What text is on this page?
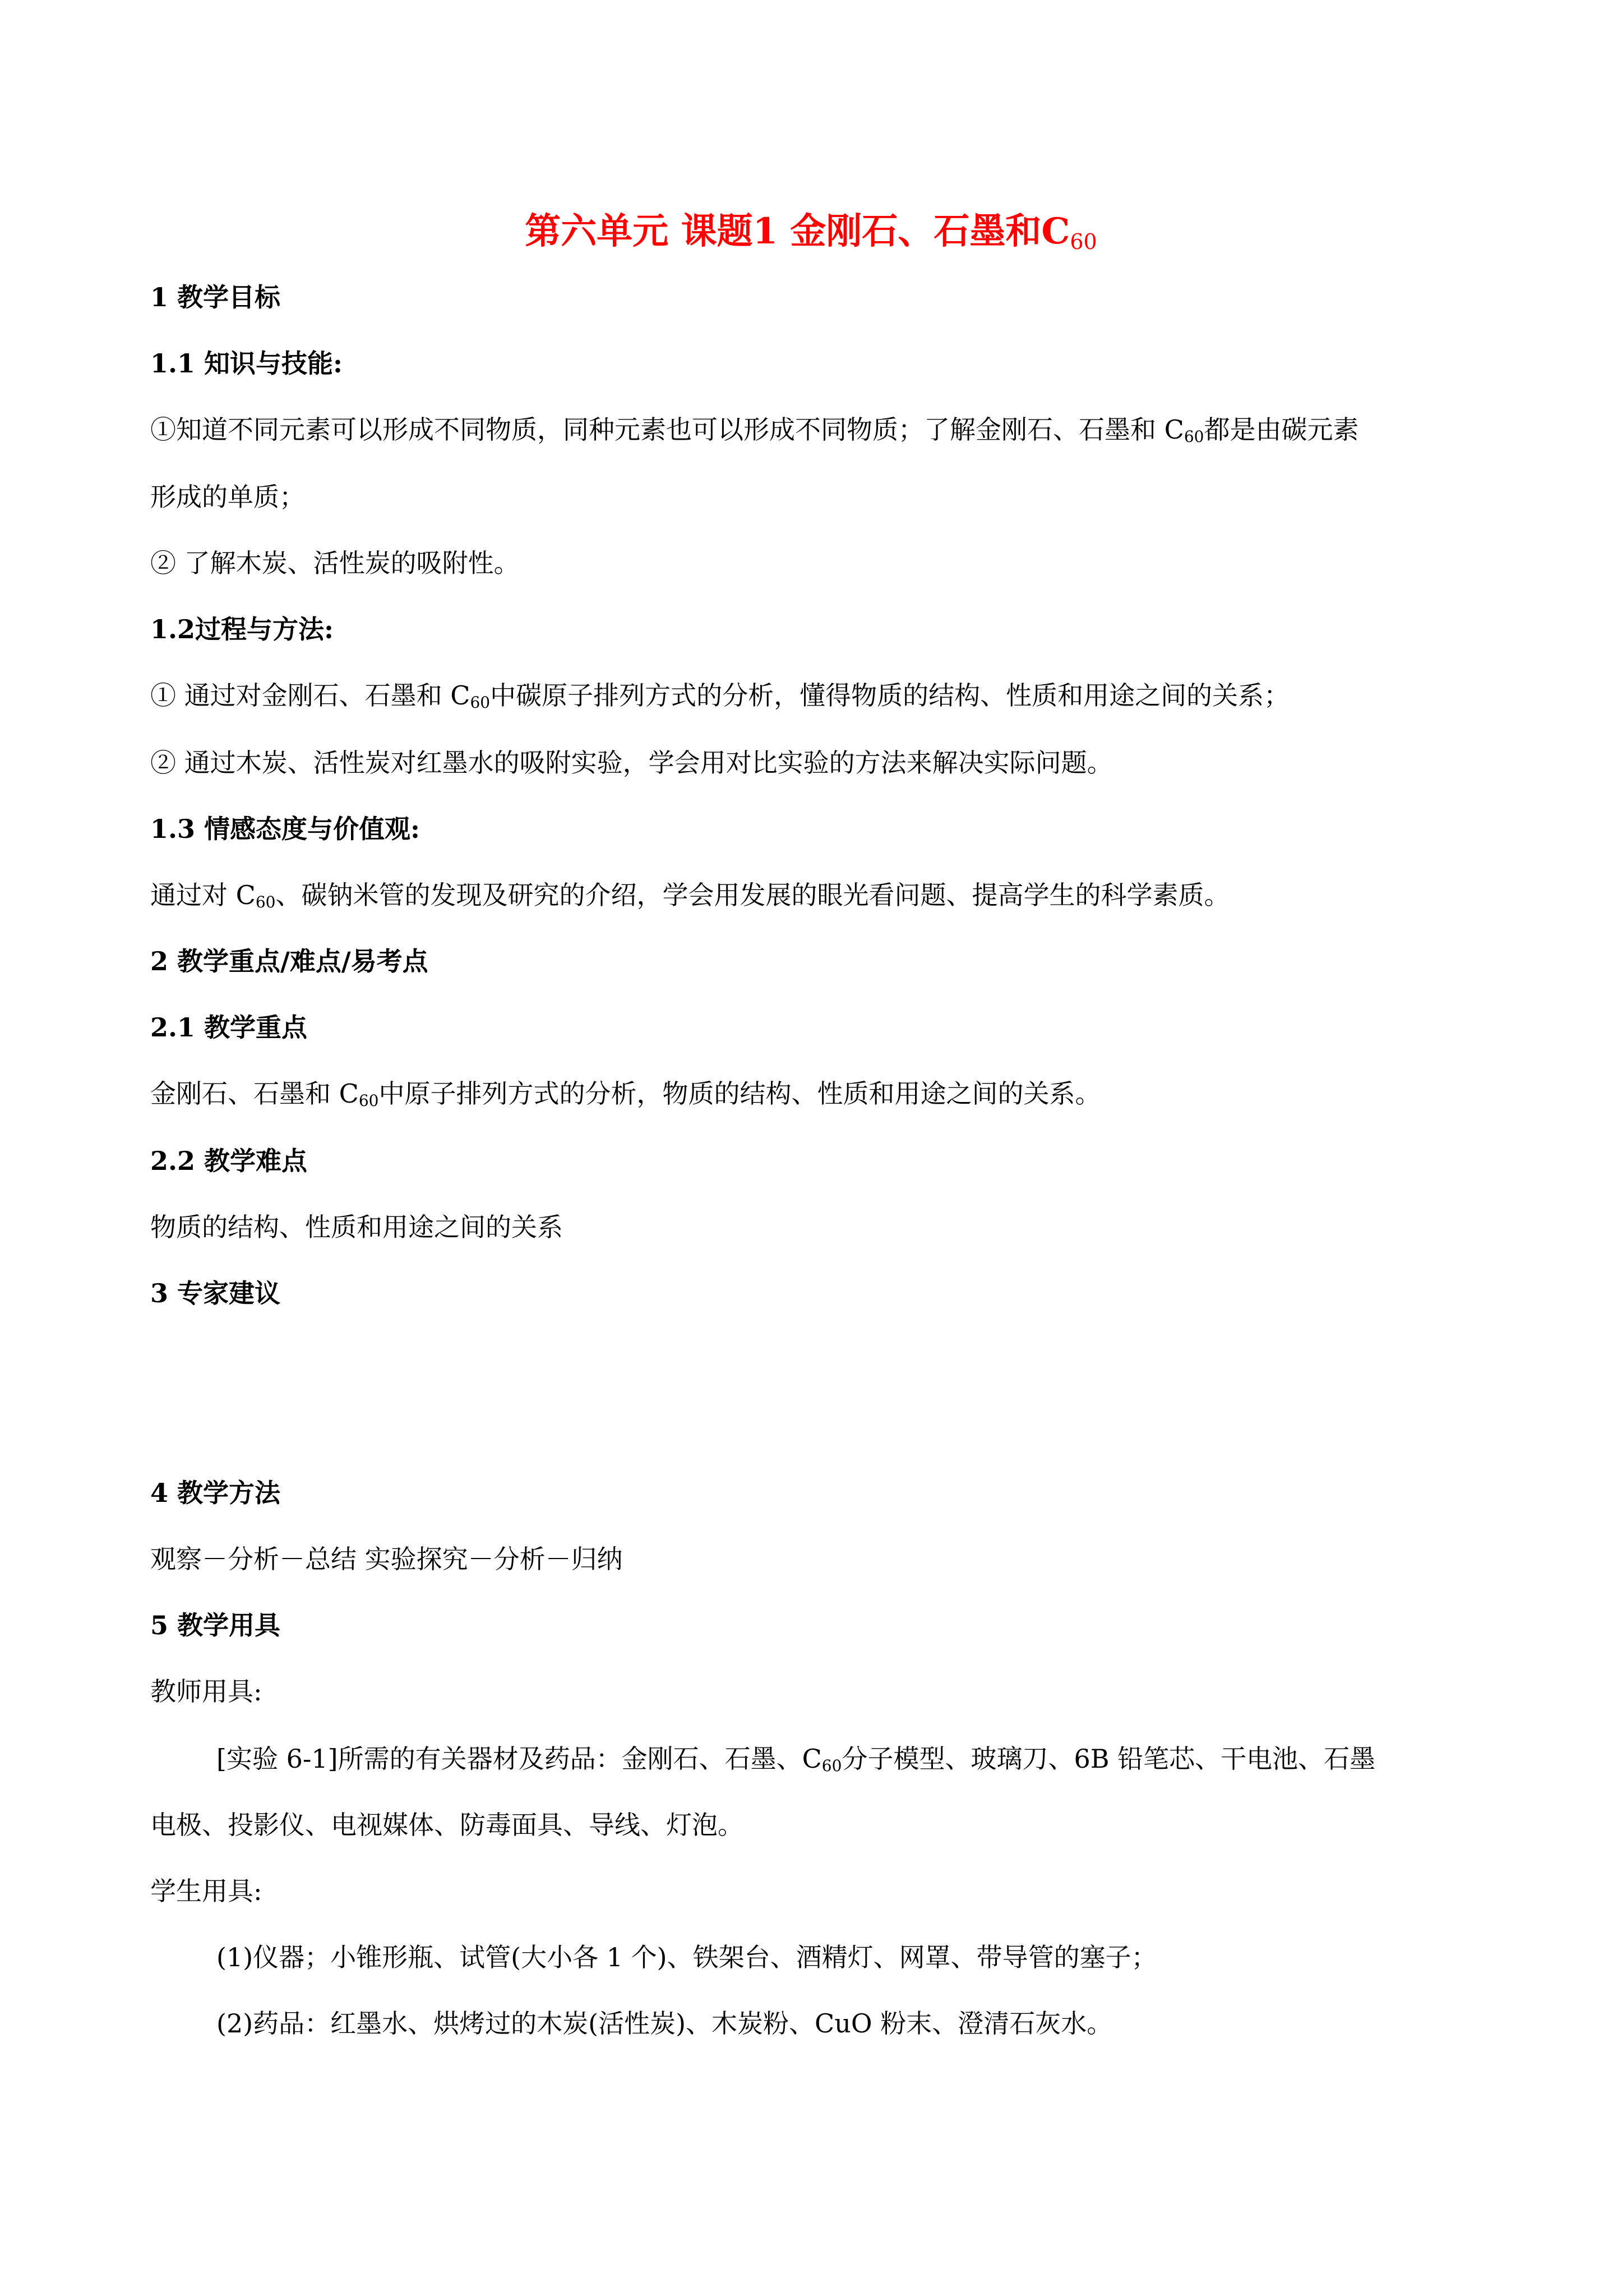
第六单元 课题1 金刚石、石墨和$C_{60}$
1 教学目标
1.1 知识与技能:
①知道不同元素可以形成不同物质，同种元素也可以形成不同物质；了解金刚石、石墨和 $C_{60}$都是由碳元素
形成的单质；
② 了解木炭、活性炭的吸附性。
1.2过程与方法:
① 通过对金刚石、石墨和 $C_{60}$中碳原子排列方式的分析，懂得物质的结构、性质和用途之间的关系；
② 通过木炭、活性炭对红墨水的吸附实验，学会用对比实验的方法来解决实际问题。
1.3 情感态度与价值观:
通过对 $C_{60}$、碳钠米管的发现及研究的介绍，学会用发展的眼光看问题、提高学生的科学素质。
2 教学重点/难点/易考点
2.1 教学重点
金刚石、石墨和 $C_{60}$中原子排列方式的分析，物质的结构、性质和用途之间的关系。
2.2 教学难点
物质的结构、性质和用途之间的关系
3 专家建议
4 教学方法
观察－分析－总结 实验探究－分析－归纳
5 教学用具
教师用具:
[实验 6-1]所需的有关器材及药品：金刚石、石墨、$C_{60}$分子模型、玻璃刀、6B 铅笔芯、干电池、石墨
电极、投影仪、电视媒体、防毒面具、导线、灯泡。
学生用具:
(1)仪器；小锥形瓶、试管(大小各 1 个)、铁架台、酒精灯、网罩、带导管的塞子；
(2)药品：红墨水、烘烤过的木炭(活性炭)、木炭粉、CuO 粉末、澄清石灰水。
